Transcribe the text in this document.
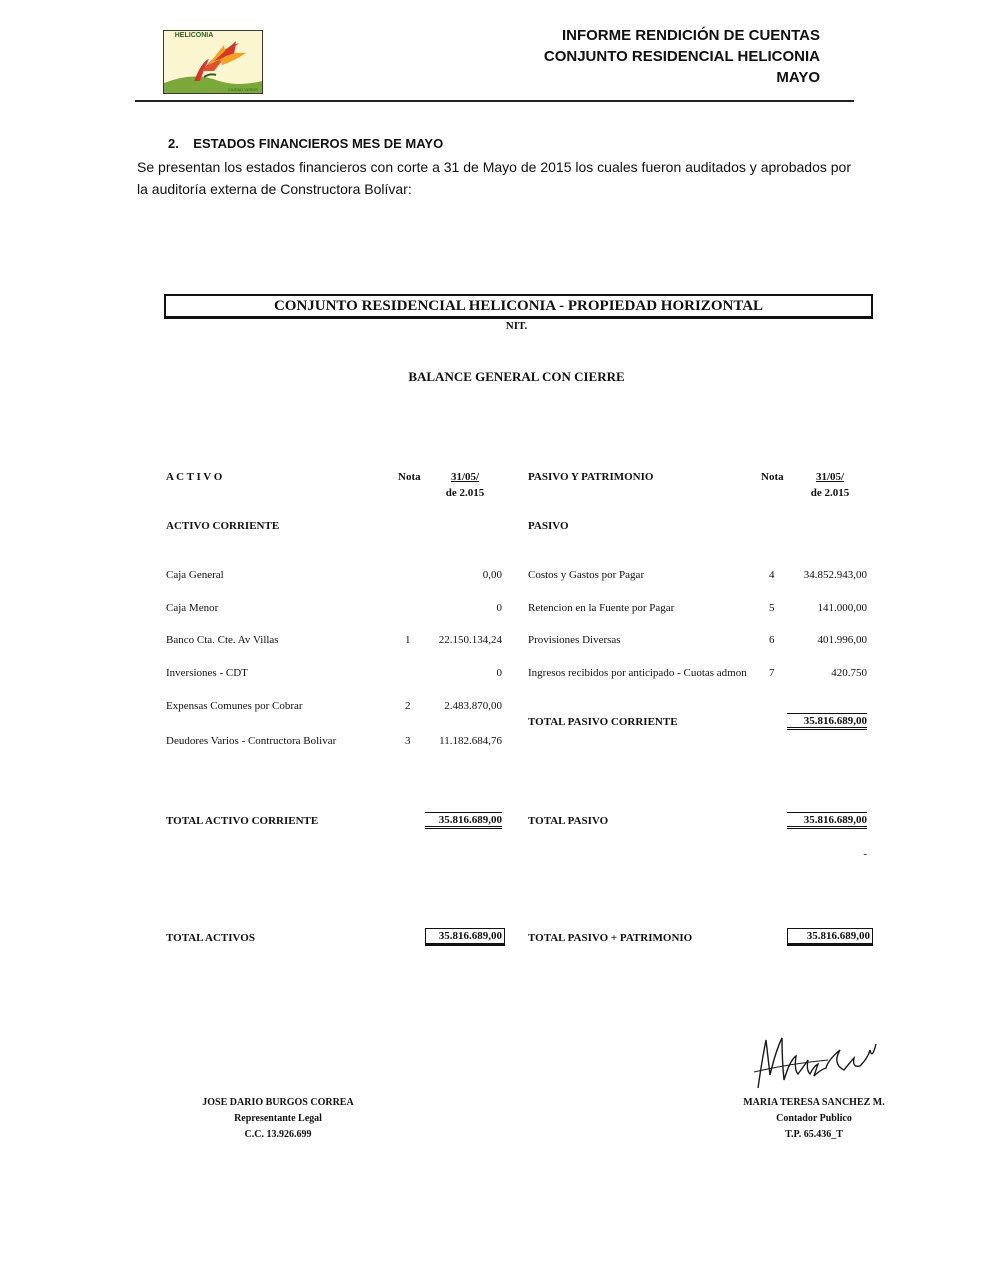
HELICONIA
CIUDAD VERDE
INFORME RENDICIÓN DE CUENTAS
CONJUNTO RESIDENCIAL HELICONIA
MAYO
2.    ESTADOS FINANCIEROS MES DE MAYO
Se presentan los estados financieros con corte a 31 de Mayo de 2015 los cuales fueron auditados y aprobados por la auditoría externa de Constructora Bolívar:
CONJUNTO RESIDENCIAL HELICONIA - PROPIEDAD HORIZONTAL
NIT.
BALANCE GENERAL CON CIERRE
A C T I V O	Nota	31/05/
de 2.015
ACTIVO CORRIENTE
Caja General	0,00
Caja Menor	0
Banco Cta. Cte. Av Villas	1	22.150.134,24
Inversiones - CDT	0
Expensas Comunes por Cobrar	2	2.483.870,00
Deudores Varios - Contructora Bolivar	3	11.182.684,76
TOTAL ACTIVO CORRIENTE	35.816.689,00
TOTAL ACTIVOS	35.816.689,00
PASIVO Y PATRIMONIO	Nota	31/05/
de 2.015
PASIVO
Costos y Gastos por Pagar	4	34.852.943,00
Retencion en la Fuente por Pagar	5	141.000,00
Provisiones Diversas	6	401.996,00
Ingresos recibidos por anticipado - Cuotas admon 7	420.750
TOTAL PASIVO CORRIENTE	35.816.689,00
TOTAL PASIVO	35.816.689,00
-
TOTAL PASIVO + PATRIMONIO	35.816.689,00
JOSE DARIO BURGOS CORREA
Representante Legal
C.C. 13.926.699
MARIA TERESA SANCHEZ M.
Contador Publico
T.P. 65.436_T
